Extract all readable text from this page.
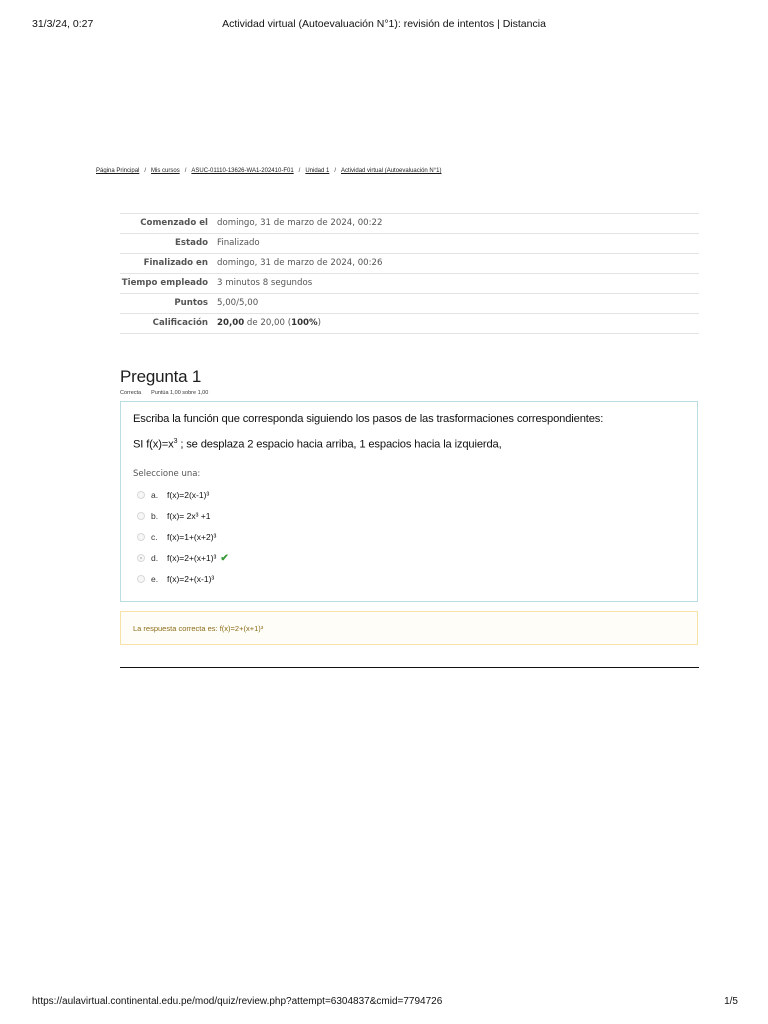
31/3/24, 0:27	Actividad virtual (Autoevaluación N°1): revisión de intentos | Distancia
Página Principal / Mis cursos / ASUC-01110-13626-WA1-202410-F01 / Unidad 1 / Actividad virtual (Autoevaluación N°1)
Comenzado el	domingo, 31 de marzo de 2024, 00:22
Estado	Finalizado
Finalizado en	domingo, 31 de marzo de 2024, 00:26
Tiempo empleado	3 minutos 8 segundos
Puntos	5,00/5,00
Calificación	20,00 de 20,00 (100%)
Pregunta 1
Correcta Puntúa 1,00 sobre 1,00
Escriba la función que corresponda siguiendo los pasos de las trasformaciones correspondientes:
SI $f(x)=x^3$ ; se desplaza 2 espacio hacia arriba, 1 espacios hacia la izquierda,
Seleccione una:
a.	f(x)=2(x-1)³
b.	f(x)= 2x³ +1
c.	f(x)=1+(x+2)³
d.	f(x)=2+(x+1)³ ✔
e.	f(x)=2+(x-1)³
La respuesta correcta es: f(x)=2+(x+1)³
https://aulavirtual.continental.edu.pe/mod/quiz/review.php?attempt=6304837&cmid=7794726	1/5
